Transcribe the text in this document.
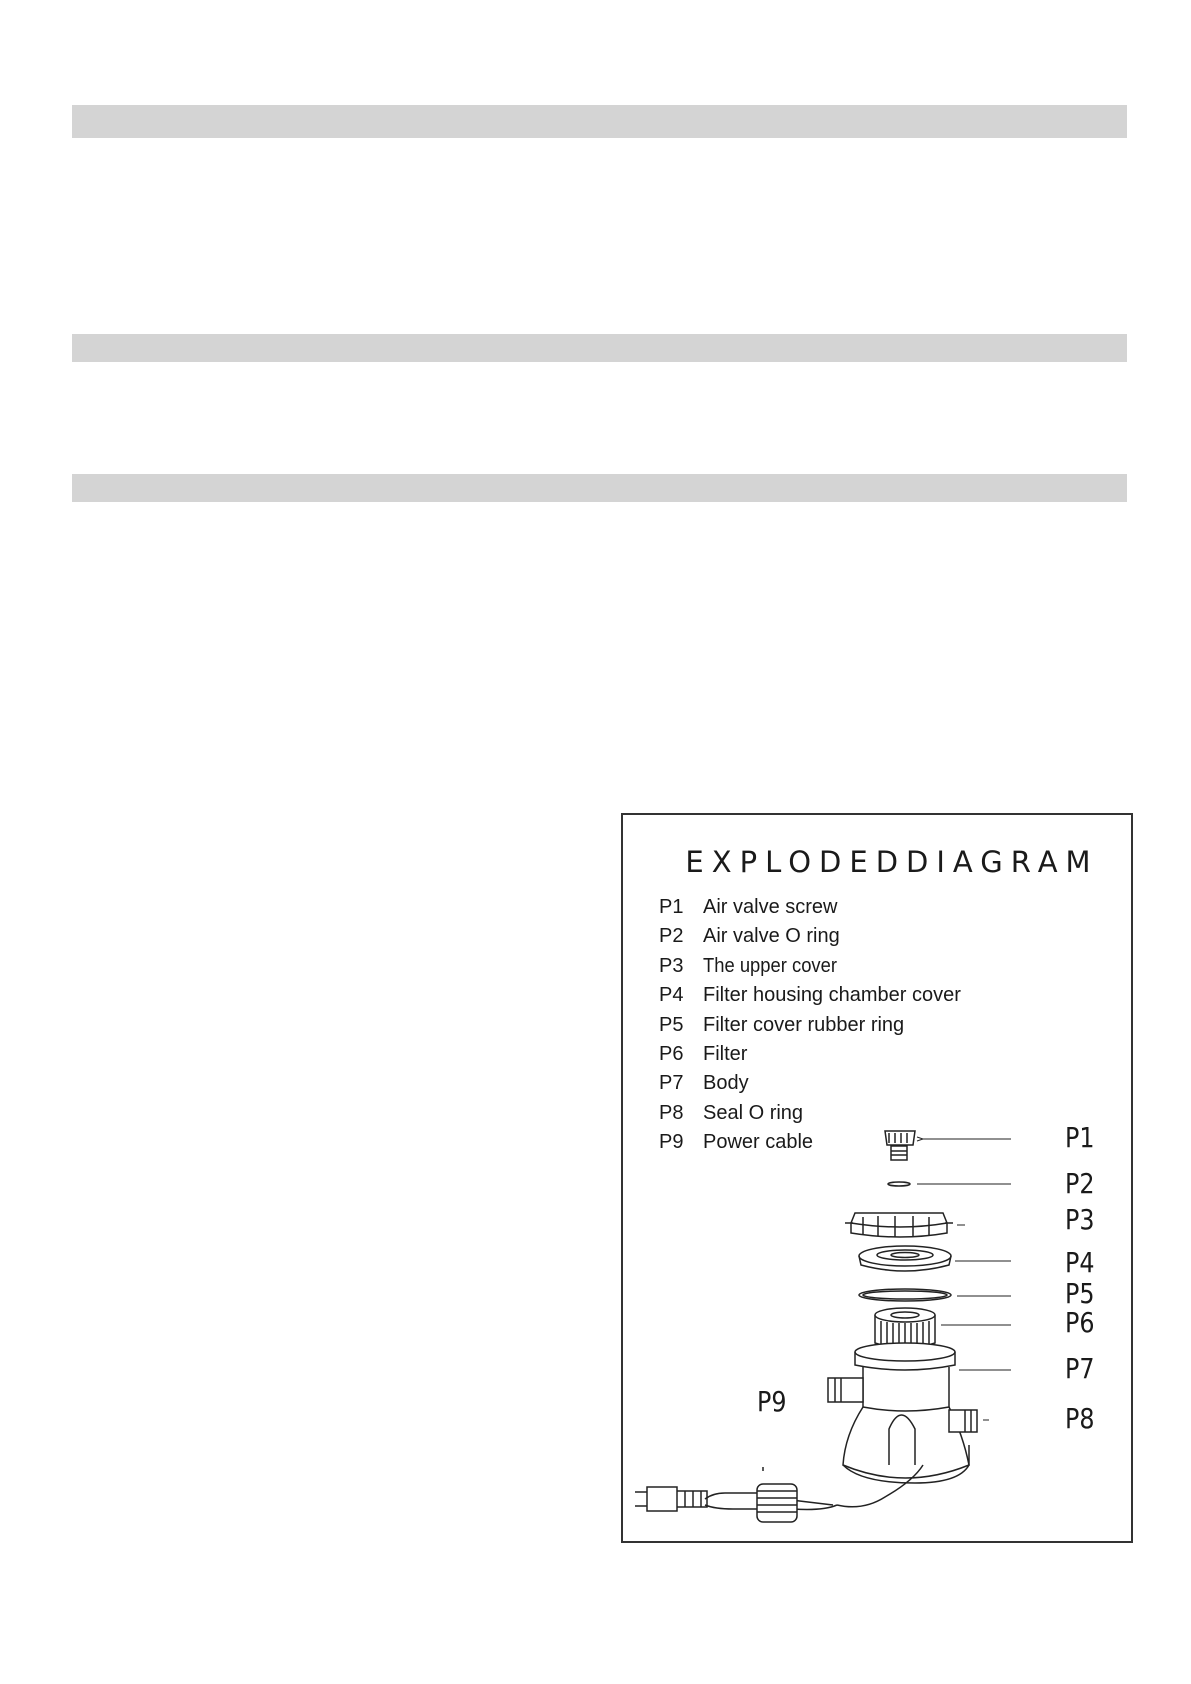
EXPLODEDDIAGRAM
P1 Air valve screw
P2 Air valve O ring
P3 The upper cover
P4 Filter housing chamber cover
P5 Filter cover rubber ring
P6 Filter
P7 Body
P8 Seal O ring
P9 Power cable	P1
P2
P3
P4
P5
P6
P7
P8
P9
